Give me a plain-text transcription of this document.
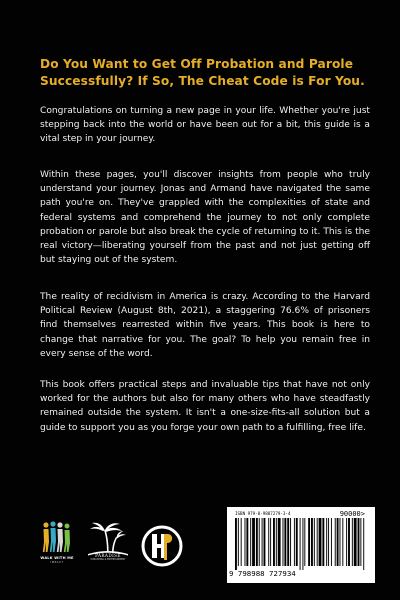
Do You Want to Get Off Probation and Parole Successfully? If So, The Cheat Code is For You.
Congratulations on turning a new page in your life. Whether you're just stepping back into the world or have been out for a bit, this guide is a vital step in your journey.
Within these pages, you'll discover insights from people who truly understand your journey. Jonas and Armand have navigated the same path you're on. They've grappled with the complexities of state and federal systems and comprehend the journey to not only complete probation or parole but also break the cycle of returning to it. This is the real victory—liberating yourself from the past and not just getting off but staying out of the system.
The reality of recidivism in America is crazy. According to the Harvard Political Review (August 8th, 2021), a staggering 76.6% of prisoners find themselves rearrested within five years. This book is here to change that narrative for you. The goal? To help you remain free in every sense of the word.
This book offers practical steps and invaluable tips that have not only worked for the authors but also for many others who have steadfastly remained outside the system. It isn't a one-size-fits-all solution but a guide to support you as you forge your own path to a fulfilling, free life.
WALK WITH ME
IMPACT
PARADISE
PUBLISHING & ENTERTAINMENT
ISBN 979-8-9887279-3-4	90000>
9 798988 727934
